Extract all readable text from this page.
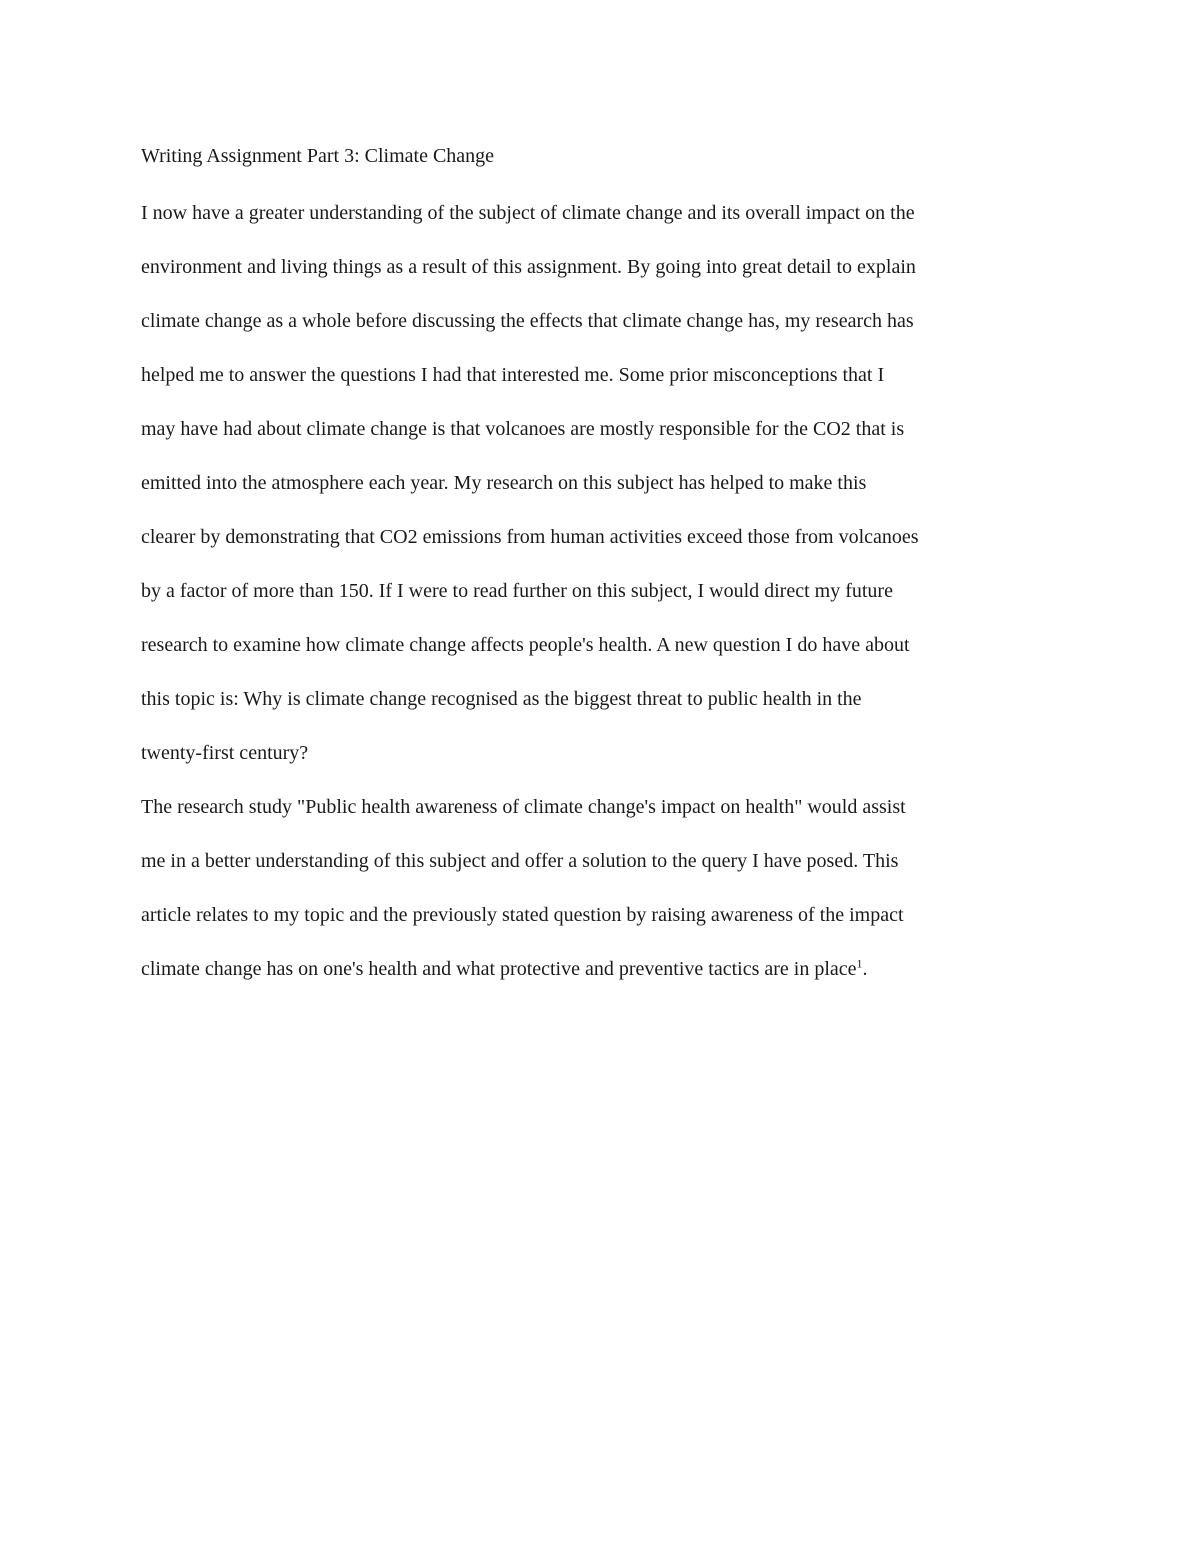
Writing Assignment Part 3: Climate Change
I now have a greater understanding of the subject of climate change and its overall impact on the
environment and living things as a result of this assignment. By going into great detail to explain
climate change as a whole before discussing the effects that climate change has, my research has
helped me to answer the questions I had that interested me. Some prior misconceptions that I
may have had about climate change is that volcanoes are mostly responsible for the CO2 that is
emitted into the atmosphere each year. My research on this subject has helped to make this
clearer by demonstrating that CO2 emissions from human activities exceed those from volcanoes
by a factor of more than 150. If I were to read further on this subject, I would direct my future
research to examine how climate change affects people's health. A new question I do have about
this topic is: Why is climate change recognised as the biggest threat to public health in the
twenty-first century?
The research study "Public health awareness of climate change's impact on health" would assist
me in a better understanding of this subject and offer a solution to the query I have posed. This
article relates to my topic and the previously stated question by raising awareness of the impact
climate change has on one's health and what protective and preventive tactics are in place$^1$.
